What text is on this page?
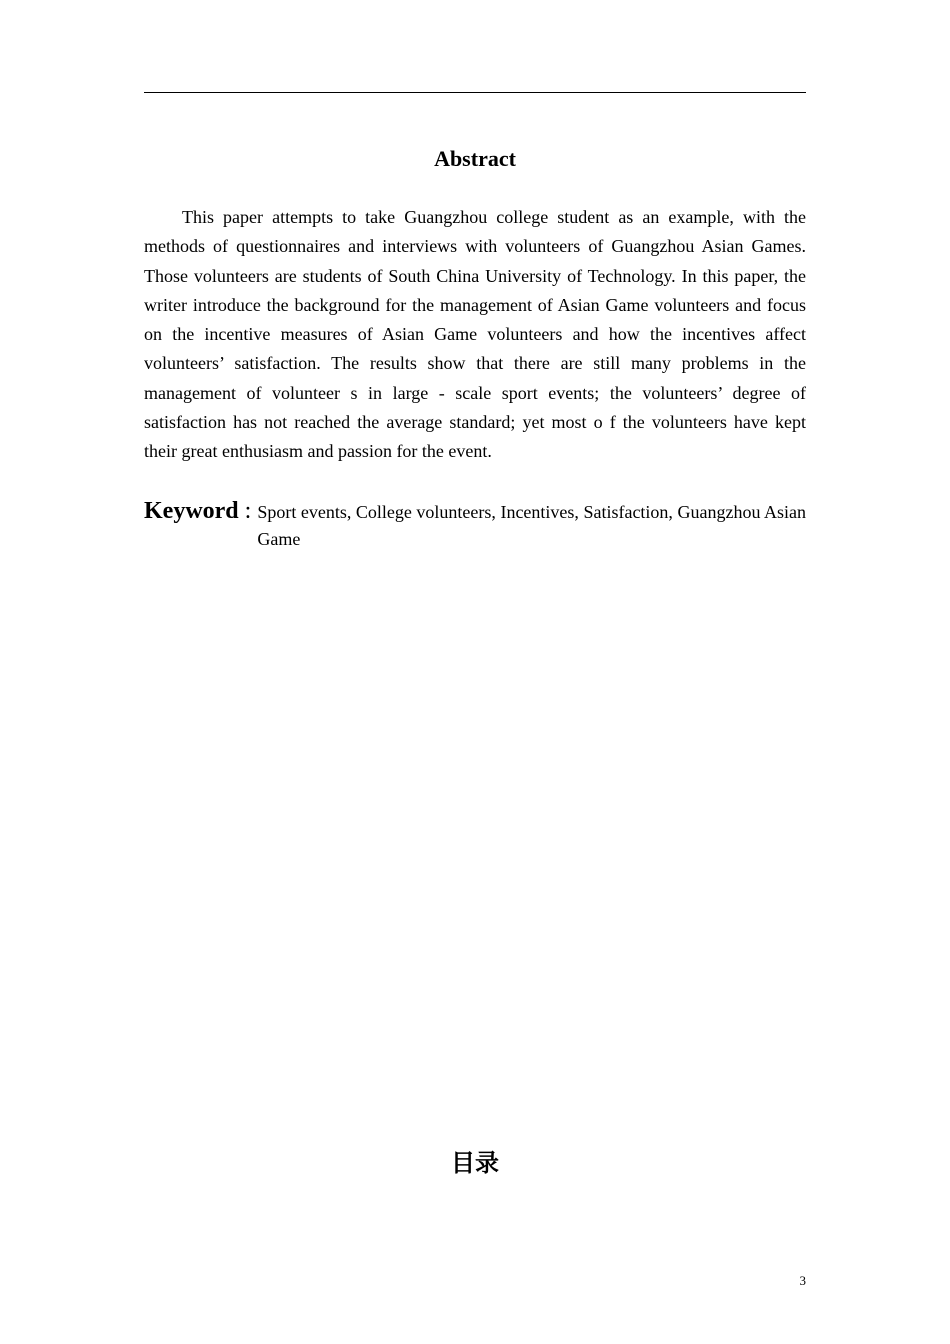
Abstract

This paper attempts to take Guangzhou college student as an example, with the methods of questionnaires and interviews with volunteers of Guangzhou Asian Games. Those volunteers are students of South China University of Technology. In this paper, the writer introduce the background for the management of Asian Game volunteers and focus on the incentive measures of Asian Game volunteers and how the incentives affect volunteers’ satisfaction. The results show that there are still many problems in the management of volunteer s in large - scale sport events; the volunteers’ degree of satisfaction has not reached the average standard; yet most o f the volunteers have kept their great enthusiasm and passion for the event.

Keyword : Sport events, College volunteers, Incentives, Satisfaction, Guangzhou Asian Game
目录
3
